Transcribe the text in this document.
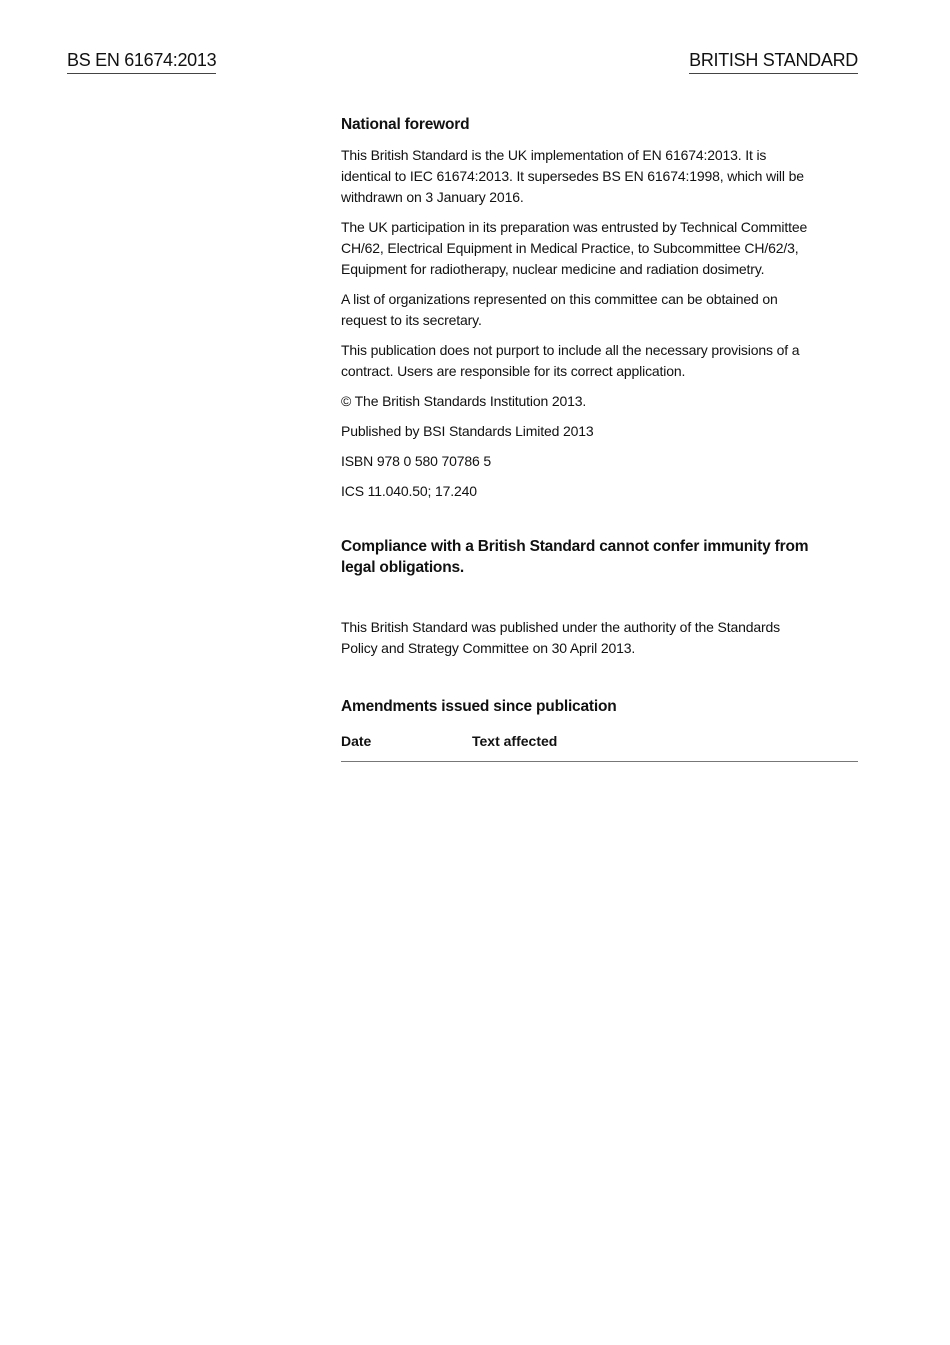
BS EN 61674:2013	BRITISH STANDARD
National foreword
This British Standard is the UK implementation of EN 61674:2013. It is
identical to IEC 61674:2013. It supersedes BS EN 61674:1998, which will be
withdrawn on 3 January 2016.
The UK participation in its preparation was entrusted by Technical Committee
CH/62, Electrical Equipment in Medical Practice, to Subcommittee CH/62/3,
Equipment for radiotherapy, nuclear medicine and radiation dosimetry.
A list of organizations represented on this committee can be obtained on
request to its secretary.
This publication does not purport to include all the necessary provisions of a
contract. Users are responsible for its correct application.
© The British Standards Institution 2013.
Published by BSI Standards Limited 2013
ISBN 978 0 580 70786 5
ICS 11.040.50; 17.240
Compliance with a British Standard cannot confer immunity from
legal obligations.
This British Standard was published under the authority of the Standards
Policy and Strategy Committee on 30 April 2013.
Amendments issued since publication
Date	Text affected
